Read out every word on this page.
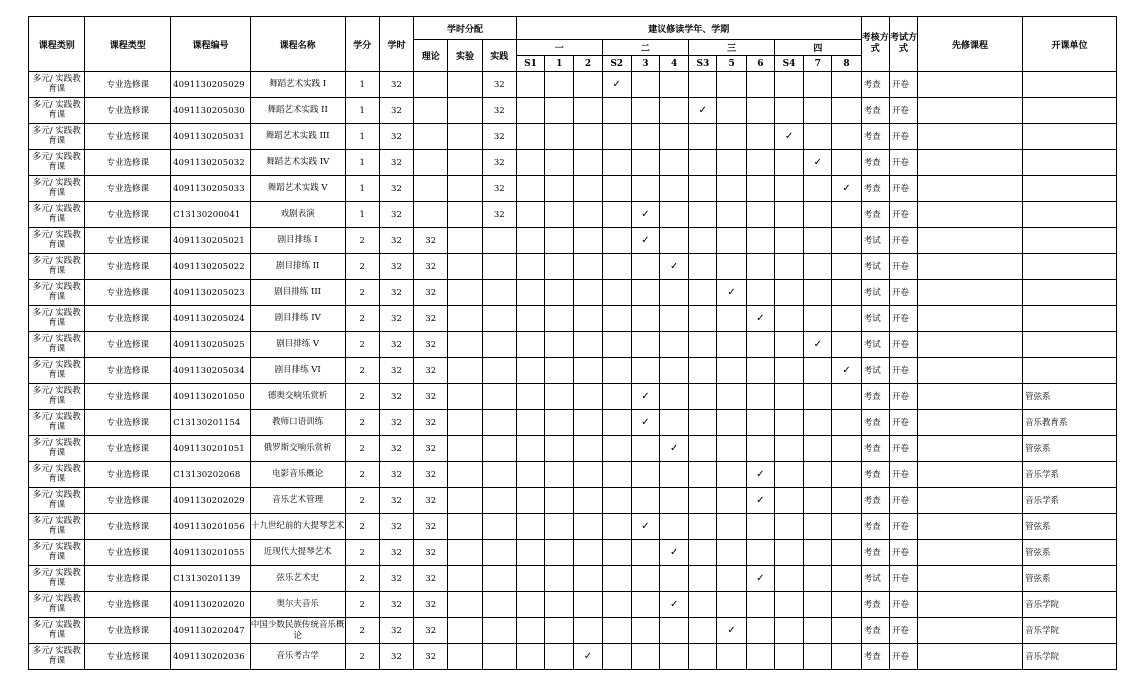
课程类别	课程类型	课程编号	课程名称	学分	学时	学时分配			建议修读学年、学期												考核方式	考试方式	先修课程	开课单位
						理论	实验	实践	一			二			三			四						
									S1	1	2	S2	3	4	S3	5	6	S4	7	8				
多元/ 实践教育课	专业选修课	4091130205029	舞蹈艺术实践 I	1	32			32				✓									考查	开卷		
多元/ 实践教育课	专业选修课	4091130205030	舞蹈艺术实践 II	1	32			32							✓						考查	开卷		
多元/ 实践教育课	专业选修课	4091130205031	舞蹈艺术实践 III	1	32			32										✓			考查	开卷		
多元/ 实践教育课	专业选修课	4091130205032	舞蹈艺术实践 IV	1	32			32											✓		考查	开卷		
多元/ 实践教育课	专业选修课	4091130205033	舞蹈艺术实践 V	1	32			32												✓	考查	开卷		
多元/ 实践教育课	专业选修课	C13130200041	戏剧表演	1	32			32					✓								考查	开卷		
多元/ 实践教育课	专业选修课	4091130205021	剧目排练 I	2	32	32							✓								考试	开卷		
多元/ 实践教育课	专业选修课	4091130205022	剧目排练 II	2	32	32								✓							考试	开卷		
多元/ 实践教育课	专业选修课	4091130205023	剧目排练 III	2	32	32										✓					考试	开卷		
多元/ 实践教育课	专业选修课	4091130205024	剧目排练 IV	2	32	32											✓				考试	开卷		
多元/ 实践教育课	专业选修课	4091130205025	剧目排练 V	2	32	32													✓		考试	开卷		
多元/ 实践教育课	专业选修课	4091130205034	剧目排练 VI	2	32	32														✓	考试	开卷		
多元/ 实践教育课	专业选修课	4091130201050	德奥交响乐赏析	2	32	32							✓								考查	开卷		管弦系
多元/ 实践教育课	专业选修课	C13130201154	教师口语训练	2	32	32							✓								考查	开卷		音乐教育系
多元/ 实践教育课	专业选修课	4091130201051	俄罗斯交响乐赏析	2	32	32								✓							考查	开卷		管弦系
多元/ 实践教育课	专业选修课	C13130202068	电影音乐概论	2	32	32											✓				考查	开卷		音乐学系
多元/ 实践教育课	专业选修课	4091130202029	音乐艺术管理	2	32	32											✓				考查	开卷		音乐学系
多元/ 实践教育课	专业选修课	4091130201056	十九世纪前的大提琴艺术	2	32	32							✓								考查	开卷		管弦系
多元/ 实践教育课	专业选修课	4091130201055	近现代大提琴艺术	2	32	32								✓							考查	开卷		管弦系
多元/ 实践教育课	专业选修课	C13130201139	弦乐艺术史	2	32	32											✓				考试	开卷		管弦系
多元/ 实践教育课	专业选修课	4091130202020	奥尔夫音乐	2	32	32								✓							考查	开卷		音乐学院
多元/ 实践教育课	专业选修课	4091130202047	中国少数民族传统音乐概论	2	32	32										✓					考查	开卷		音乐学院
多元/ 实践教育课	专业选修课	4091130202036	音乐考古学	2	32	32					✓										考查	开卷		音乐学院
